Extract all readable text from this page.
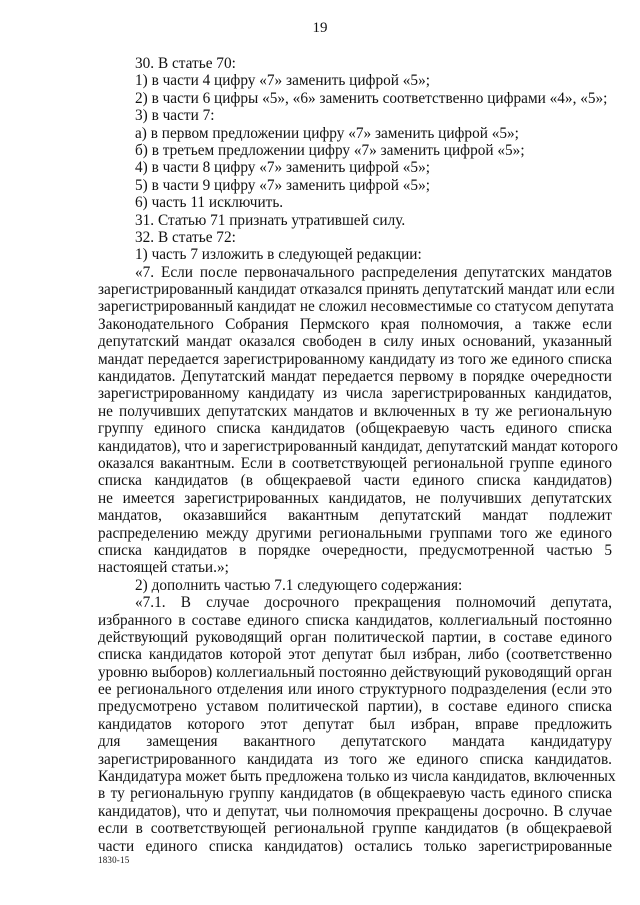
19
30. В статье 70:
1) в части 4 цифру «7» заменить цифрой «5»;
2) в части 6 цифры «5», «6» заменить соответственно цифрами «4», «5»;
3) в части 7:
а) в первом предложении цифру «7» заменить цифрой «5»;
б) в третьем предложении цифру «7» заменить цифрой «5»;
4) в части 8 цифру «7» заменить цифрой «5»;
5) в части 9 цифру «7» заменить цифрой «5»;
6) часть 11 исключить.
31. Статью 71 признать утратившей силу.
32. В статье 72:
1) часть 7 изложить в следующей редакции:
«7. Если после первоначального распределения депутатских мандатов
зарегистрированный кандидат отказался принять депутатский мандат или если
зарегистрированный кандидат не сложил несовместимые со статусом депутата
Законодательного Собрания Пермского края полномочия, а также если
депутатский мандат оказался свободен в силу иных оснований, указанный
мандат передается зарегистрированному кандидату из того же единого списка
кандидатов. Депутатский мандат передается первому в порядке очередности
зарегистрированному кандидату из числа зарегистрированных кандидатов,
не получивших депутатских мандатов и включенных в ту же региональную
группу единого списка кандидатов (общекраевую часть единого списка
кандидатов), что и зарегистрированный кандидат, депутатский мандат которого
оказался вакантным. Если в соответствующей региональной группе единого
списка кандидатов (в общекраевой части единого списка кандидатов)
не имеется зарегистрированных кандидатов, не получивших депутатских
мандатов, оказавшийся вакантным депутатский мандат подлежит
распределению между другими региональными группами того же единого
списка кандидатов в порядке очередности, предусмотренной частью 5
настоящей статьи.»;
2) дополнить частью 7.1 следующего содержания:
«7.1. В случае досрочного прекращения полномочий депутата,
избранного в составе единого списка кандидатов, коллегиальный постоянно
действующий руководящий орган политической партии, в составе единого
списка кандидатов которой этот депутат был избран, либо (соответственно
уровню выборов) коллегиальный постоянно действующий руководящий орган
ее регионального отделения или иного структурного подразделения (если это
предусмотрено уставом политической партии), в составе единого списка
кандидатов которого этот депутат был избран, вправе предложить
для замещения вакантного депутатского мандата кандидатуру
зарегистрированного кандидата из того же единого списка кандидатов.
Кандидатура может быть предложена только из числа кандидатов, включенных
в ту региональную группу кандидатов (в общекраевую часть единого списка
кандидатов), что и депутат, чьи полномочия прекращены досрочно. В случае
если в соответствующей региональной группе кандидатов (в общекраевой
части единого списка кандидатов) остались только зарегистрированные
1830-15
